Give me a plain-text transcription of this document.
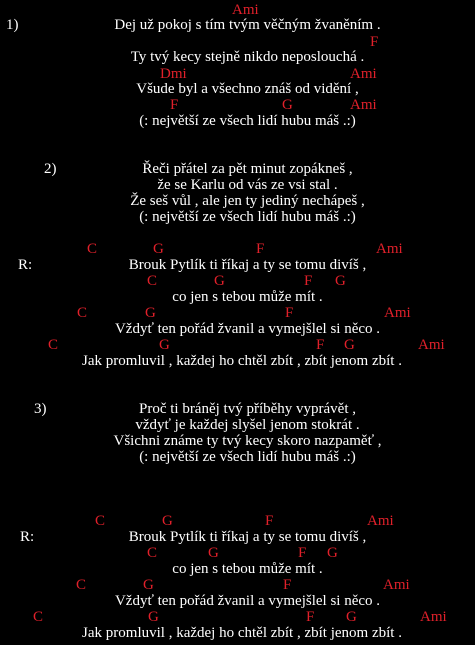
Ami
1)	Dej už pokoj s tím tvým věčným žvaněním .
F
Ty tvý kecy stejně nikdo neposlouchá .
Dmi	Ami
Všude byl a všechno znáš od vidění ,
F	G	Ami
(: největší ze všech lidí hubu máš .:)
2)	Řeči přátel za pět minut zopákneš ,
že se Karlu od vás ze vsi stal .
Že seš vůl , ale jen ty jediný nechápeš ,
(: největší ze všech lidí hubu máš .:)
C	G	F	Ami
R:	Brouk Pytlík ti říkaj a ty se tomu divíš ,
C	G	F G
co jen s tebou může mít .
C	G	F	Ami
Vždyť ten pořád žvanil a vymejšlel si něco .
C	G	F G	Ami
Jak promluvil , každej ho chtěl zbít , zbít jenom zbít .
3)	Proč ti bráněj tvý příběhy vyprávět ,
vždyť je každej slyšel jenom stokrát .
Všichni známe ty tvý kecy skoro nazpaměť ,
(: největší ze všech lidí hubu máš .:)
C	G	F	Ami
R:	Brouk Pytlík ti říkaj a ty se tomu divíš ,
C	G	F G
co jen s tebou může mít .
C	G	F	Ami
Vždyť ten pořád žvanil a vymejšlel si něco .
C	G	F G	Ami
Jak promluvil , každej ho chtěl zbít , zbít jenom zbít .
